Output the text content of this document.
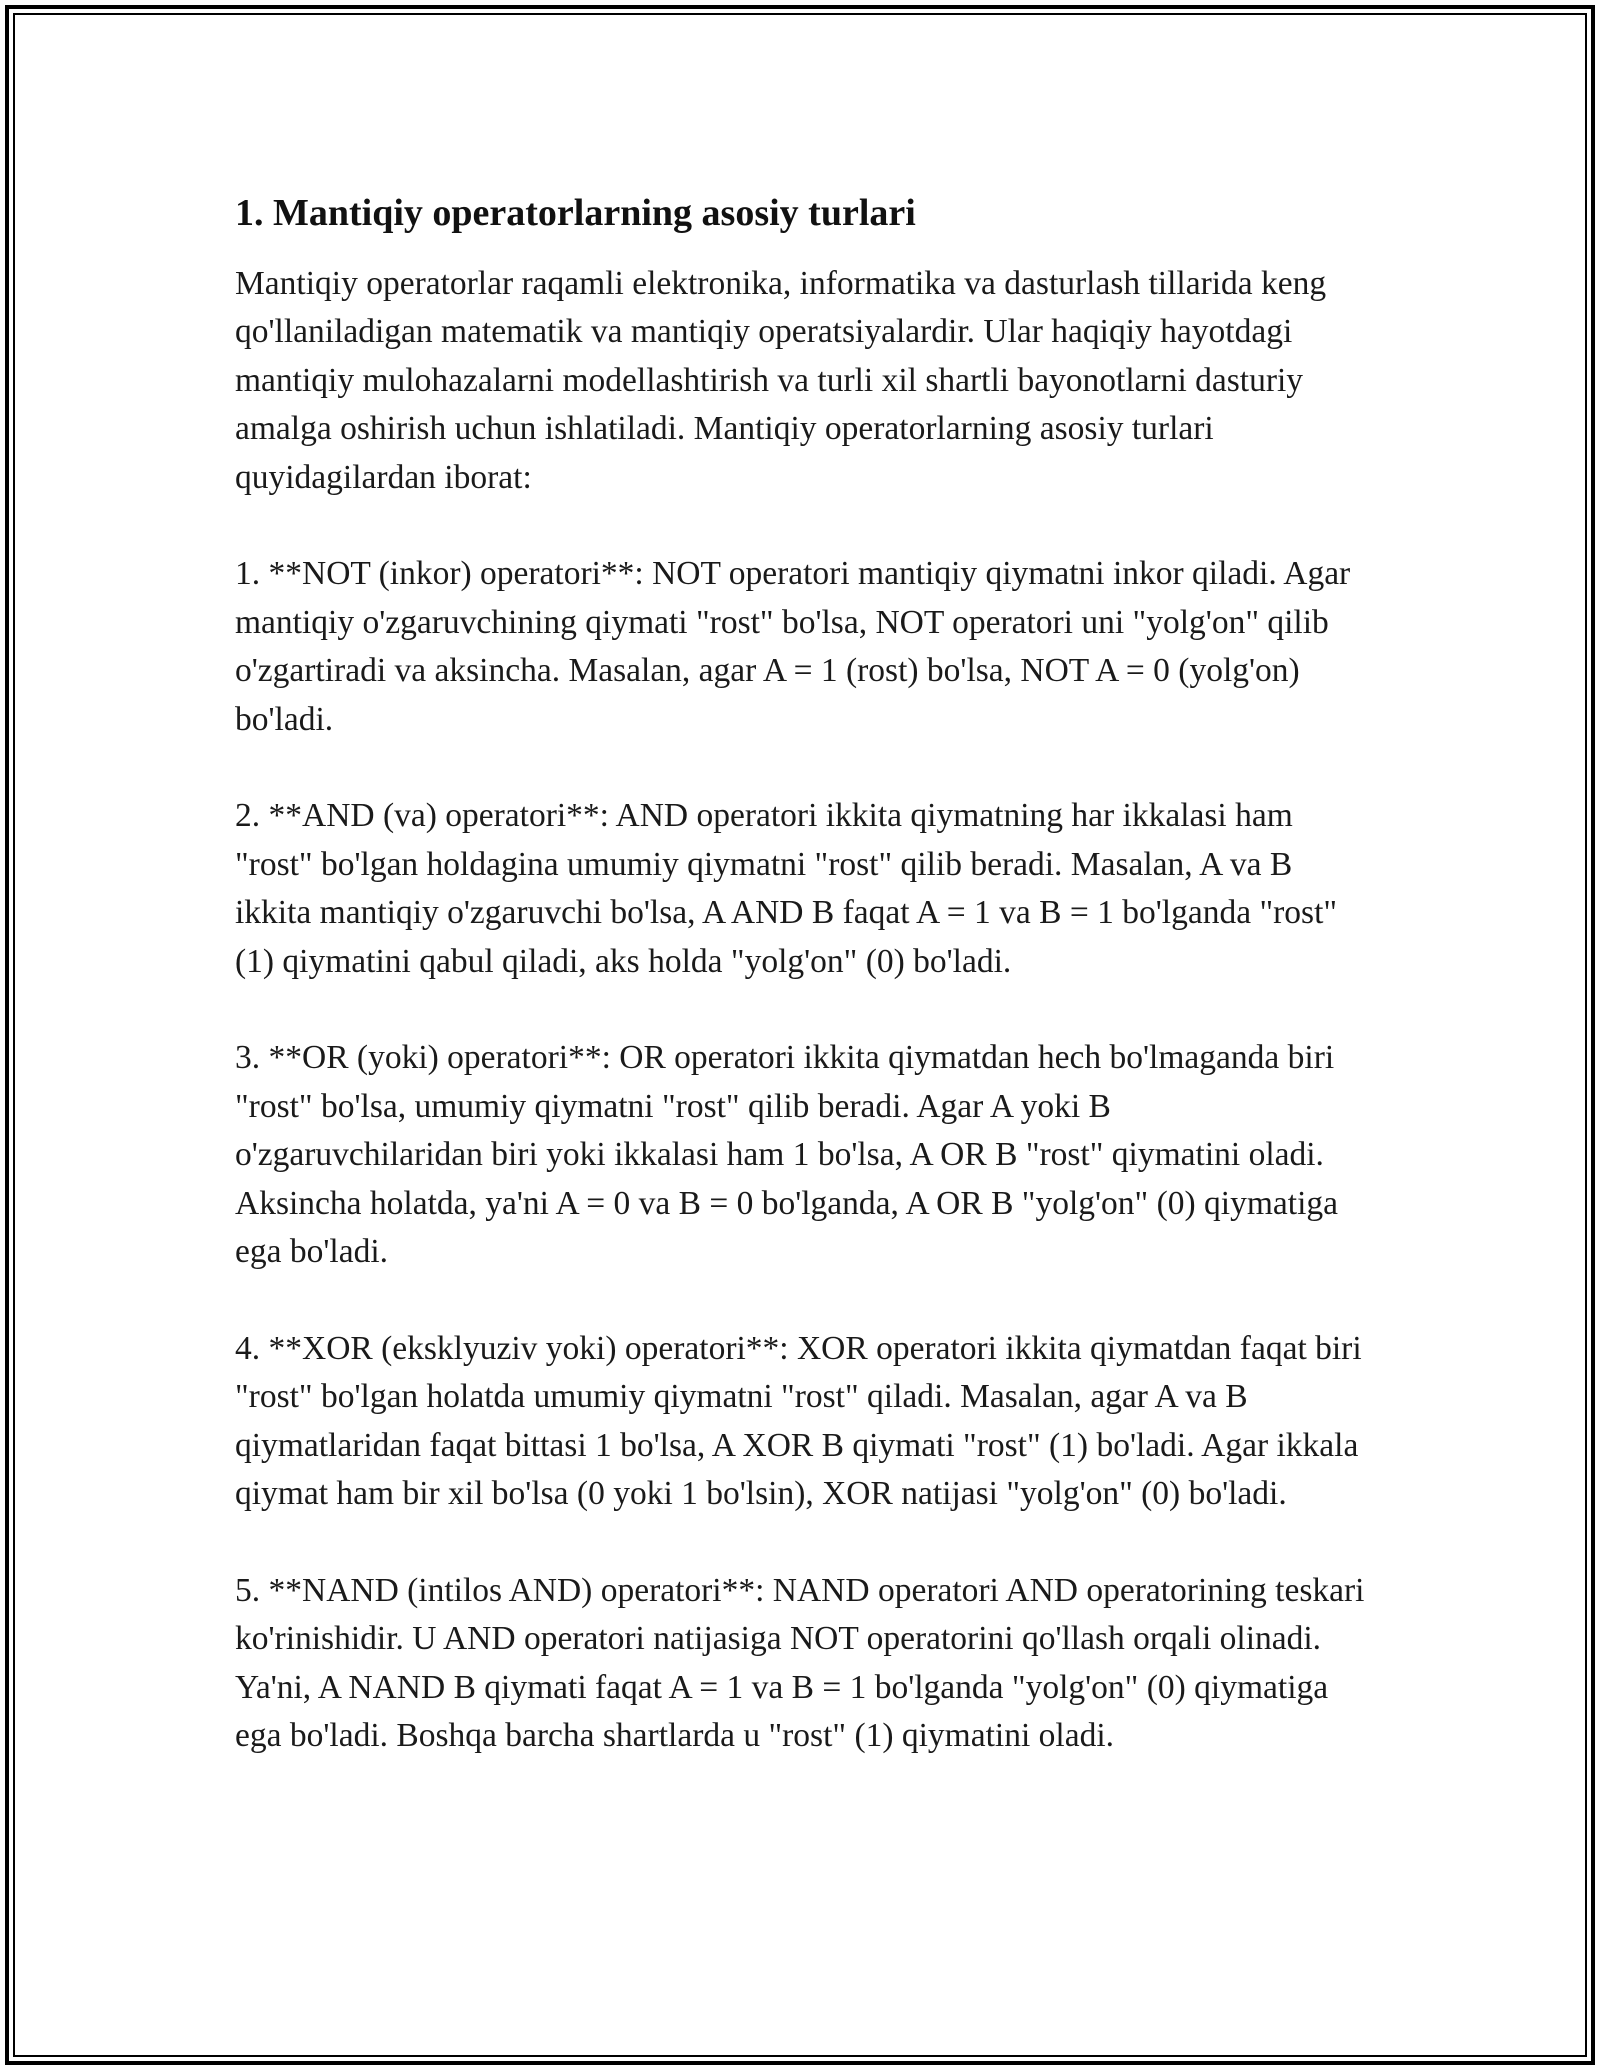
1. Mantiqiy operatorlarning asosiy turlari

Mantiqiy operatorlar raqamli elektronika, informatika va dasturlash tillarida keng qo'llaniladigan matematik va mantiqiy operatsiyalardir. Ular haqiqiy hayotdagi mantiqiy mulohazalarni modellashtirish va turli xil shartli bayonotlarni dasturiy amalga oshirish uchun ishlatiladi. Mantiqiy operatorlarning asosiy turlari quyidagilardan iborat:

1. **NOT (inkor) operatori**: NOT operatori mantiqiy qiymatni inkor qiladi. Agar mantiqiy o'zgaruvchining qiymati "rost" bo'lsa, NOT operatori uni "yolg'on" qilib o'zgartiradi va aksincha. Masalan, agar A = 1 (rost) bo'lsa, NOT A = 0 (yolg'on) bo'ladi.

2. **AND (va) operatori**: AND operatori ikkita qiymatning har ikkalasi ham "rost" bo'lgan holdagina umumiy qiymatni "rost" qilib beradi. Masalan, A va B ikkita mantiqiy o'zgaruvchi bo'lsa, A AND B faqat A = 1 va B = 1 bo'lganda "rost" (1) qiymatini qabul qiladi, aks holda "yolg'on" (0) bo'ladi.

3. **OR (yoki) operatori**: OR operatori ikkita qiymatdan hech bo'lmaganda biri "rost" bo'lsa, umumiy qiymatni "rost" qilib beradi. Agar A yoki B o'zgaruvchilaridan biri yoki ikkalasi ham 1 bo'lsa, A OR B "rost" qiymatini oladi. Aksincha holatda, ya'ni A = 0 va B = 0 bo'lganda, A OR B "yolg'on" (0) qiymatiga ega bo'ladi.

4. **XOR (eksklyuziv yoki) operatori**: XOR operatori ikkita qiymatdan faqat biri "rost" bo'lgan holatda umumiy qiymatni "rost" qiladi. Masalan, agar A va B qiymatlaridan faqat bittasi 1 bo'lsa, A XOR B qiymati "rost" (1) bo'ladi. Agar ikkala qiymat ham bir xil bo'lsa (0 yoki 1 bo'lsin), XOR natijasi "yolg'on" (0) bo'ladi.

5. **NAND (intilos AND) operatori**: NAND operatori AND operatorining teskari ko'rinishidir. U AND operatori natijasiga NOT operatorini qo'llash orqali olinadi. Ya'ni, A NAND B qiymati faqat A = 1 va B = 1 bo'lganda "yolg'on" (0) qiymatiga ega bo'ladi. Boshqa barcha shartlarda u "rost" (1) qiymatini oladi.
